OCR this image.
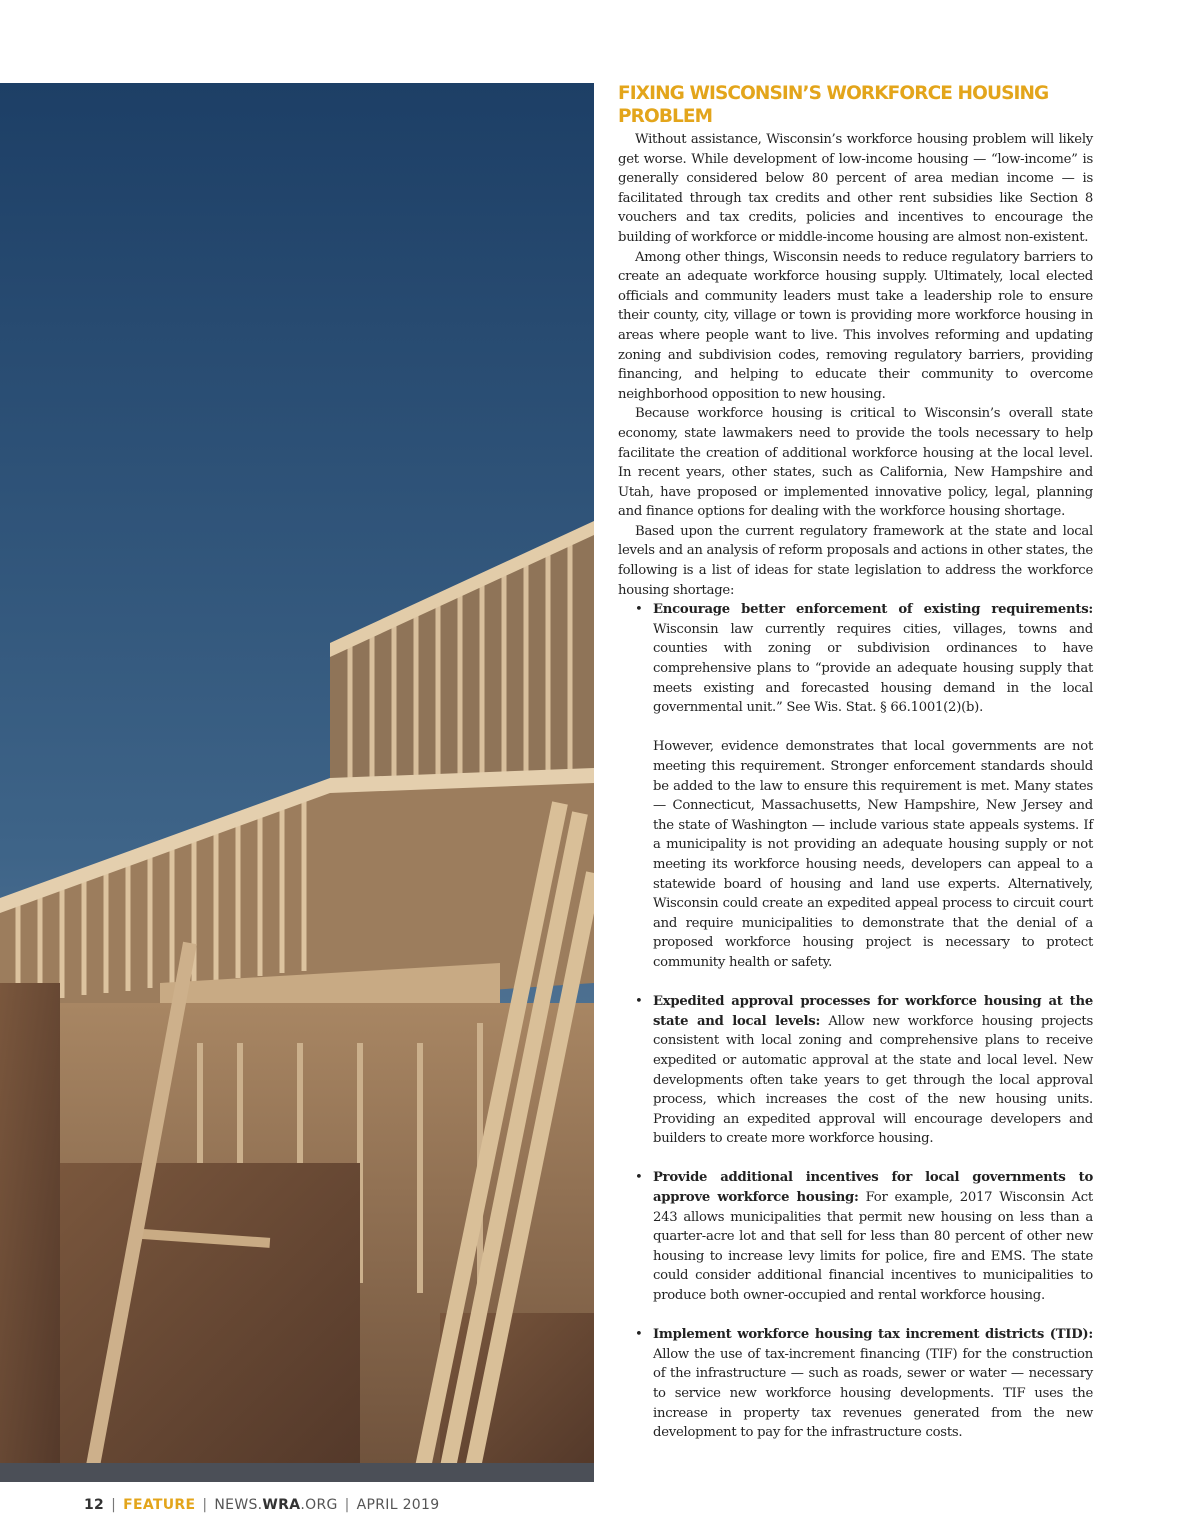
FIXING WISCONSIN’S WORKFORCE HOUSING PROBLEM

Without assistance, Wisconsin’s workforce housing problem will likely get worse. While development of low-income housing — “low-income” is generally considered below 80 percent of area median income — is facilitated through tax credits and other rent subsidies like Section 8 vouchers and tax credits, policies and incentives to encourage the building of workforce or middle-income housing are almost non-existent.

Among other things, Wisconsin needs to reduce regulatory barriers to create an adequate workforce housing supply. Ultimately, local elected officials and community leaders must take a leadership role to ensure their county, city, village or town is providing more workforce housing in areas where people want to live. This involves reforming and updating zoning and subdivision codes, removing regulatory barriers, providing financing, and helping to educate their community to overcome neighborhood opposition to new housing.

Because workforce housing is critical to Wisconsin’s overall state economy, state lawmakers need to provide the tools necessary to help facilitate the creation of additional workforce housing at the local level. In recent years, other states, such as California, New Hampshire and Utah, have proposed or implemented innovative policy, legal, planning and finance options for dealing with the workforce housing shortage.

Based upon the current regulatory framework at the state and local levels and an analysis of reform proposals and actions in other states, the following is a list of ideas for state legislation to address the workforce housing shortage:

• Encourage better enforcement of existing requirements: Wisconsin law currently requires cities, villages, towns and counties with zoning or subdivision ordinances to have comprehensive plans to “provide an adequate housing supply that meets existing and forecasted housing demand in the local governmental unit.” See Wis. Stat. § 66.1001(2)(b).

However, evidence demonstrates that local governments are not meeting this requirement. Stronger enforcement standards should be added to the law to ensure this requirement is met. Many states — Connecticut, Massachusetts, New Hampshire, New Jersey and the state of Washington — include various state appeals systems. If a municipality is not providing an adequate housing supply or not meeting its workforce housing needs, developers can appeal to a statewide board of housing and land use experts. Alternatively, Wisconsin could create an expedited appeal process to circuit court and require municipalities to demonstrate that the denial of a proposed workforce housing project is necessary to protect community health or safety.

• Expedited approval processes for workforce housing at the state and local levels: Allow new workforce housing projects consistent with local zoning and comprehensive plans to receive expedited or automatic approval at the state and local level. New developments often take years to get through the local approval process, which increases the cost of the new housing units. Providing an expedited approval will encourage developers and builders to create more workforce housing.

• Provide additional incentives for local governments to approve workforce housing: For example, 2017 Wisconsin Act 243 allows municipalities that permit new housing on less than a quarter-acre lot and that sell for less than 80 percent of other new housing to increase levy limits for police, fire and EMS. The state could consider additional financial incentives to municipalities to produce both owner-occupied and rental workforce housing.

• Implement workforce housing tax increment districts (TID): Allow the use of tax-increment financing (TIF) for the construction of the infrastructure — such as roads, sewer or water — necessary to service new workforce housing developments. TIF uses the increase in property tax revenues generated from the new development to pay for the infrastructure costs.

12 | FEATURE | NEWS.WRA.ORG | APRIL 2019
